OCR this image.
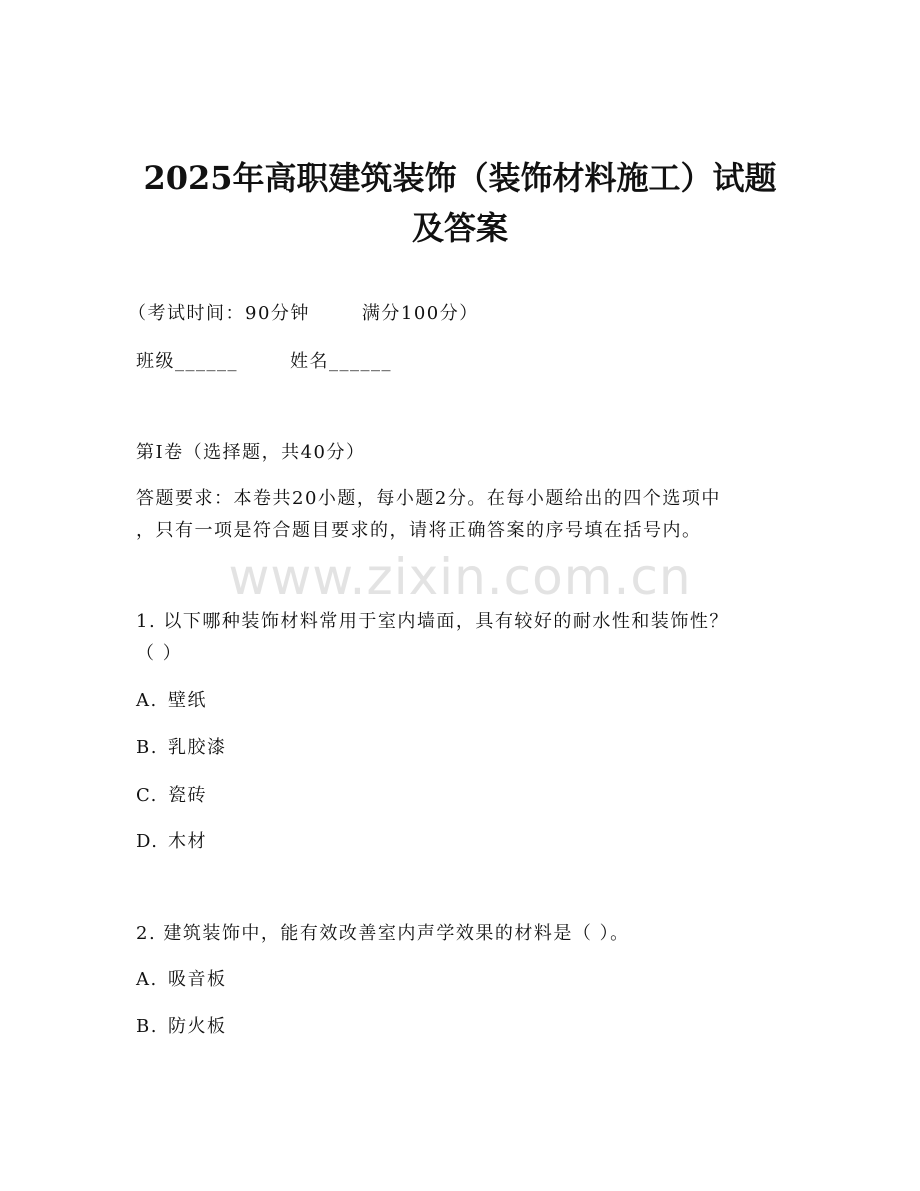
2025年高职建筑装饰（装饰材料施工）试题
及答案
（考试时间：90分钟	满分100分）
班级______	姓名______
第I卷（选择题，共40分）
答题要求：本卷共20小题，每小题2分。在每小题给出的四个选项中
，只有一项是符合题目要求的，请将正确答案的序号填在括号内。
www.zixin.com.cn
1. 以下哪种装饰材料常用于室内墙面，具有较好的耐水性和装饰性？
（ ）
A. 壁纸
B. 乳胶漆
C. 瓷砖
D. 木材
2. 建筑装饰中，能有效改善室内声学效果的材料是（ ）。
A. 吸音板
B. 防火板
